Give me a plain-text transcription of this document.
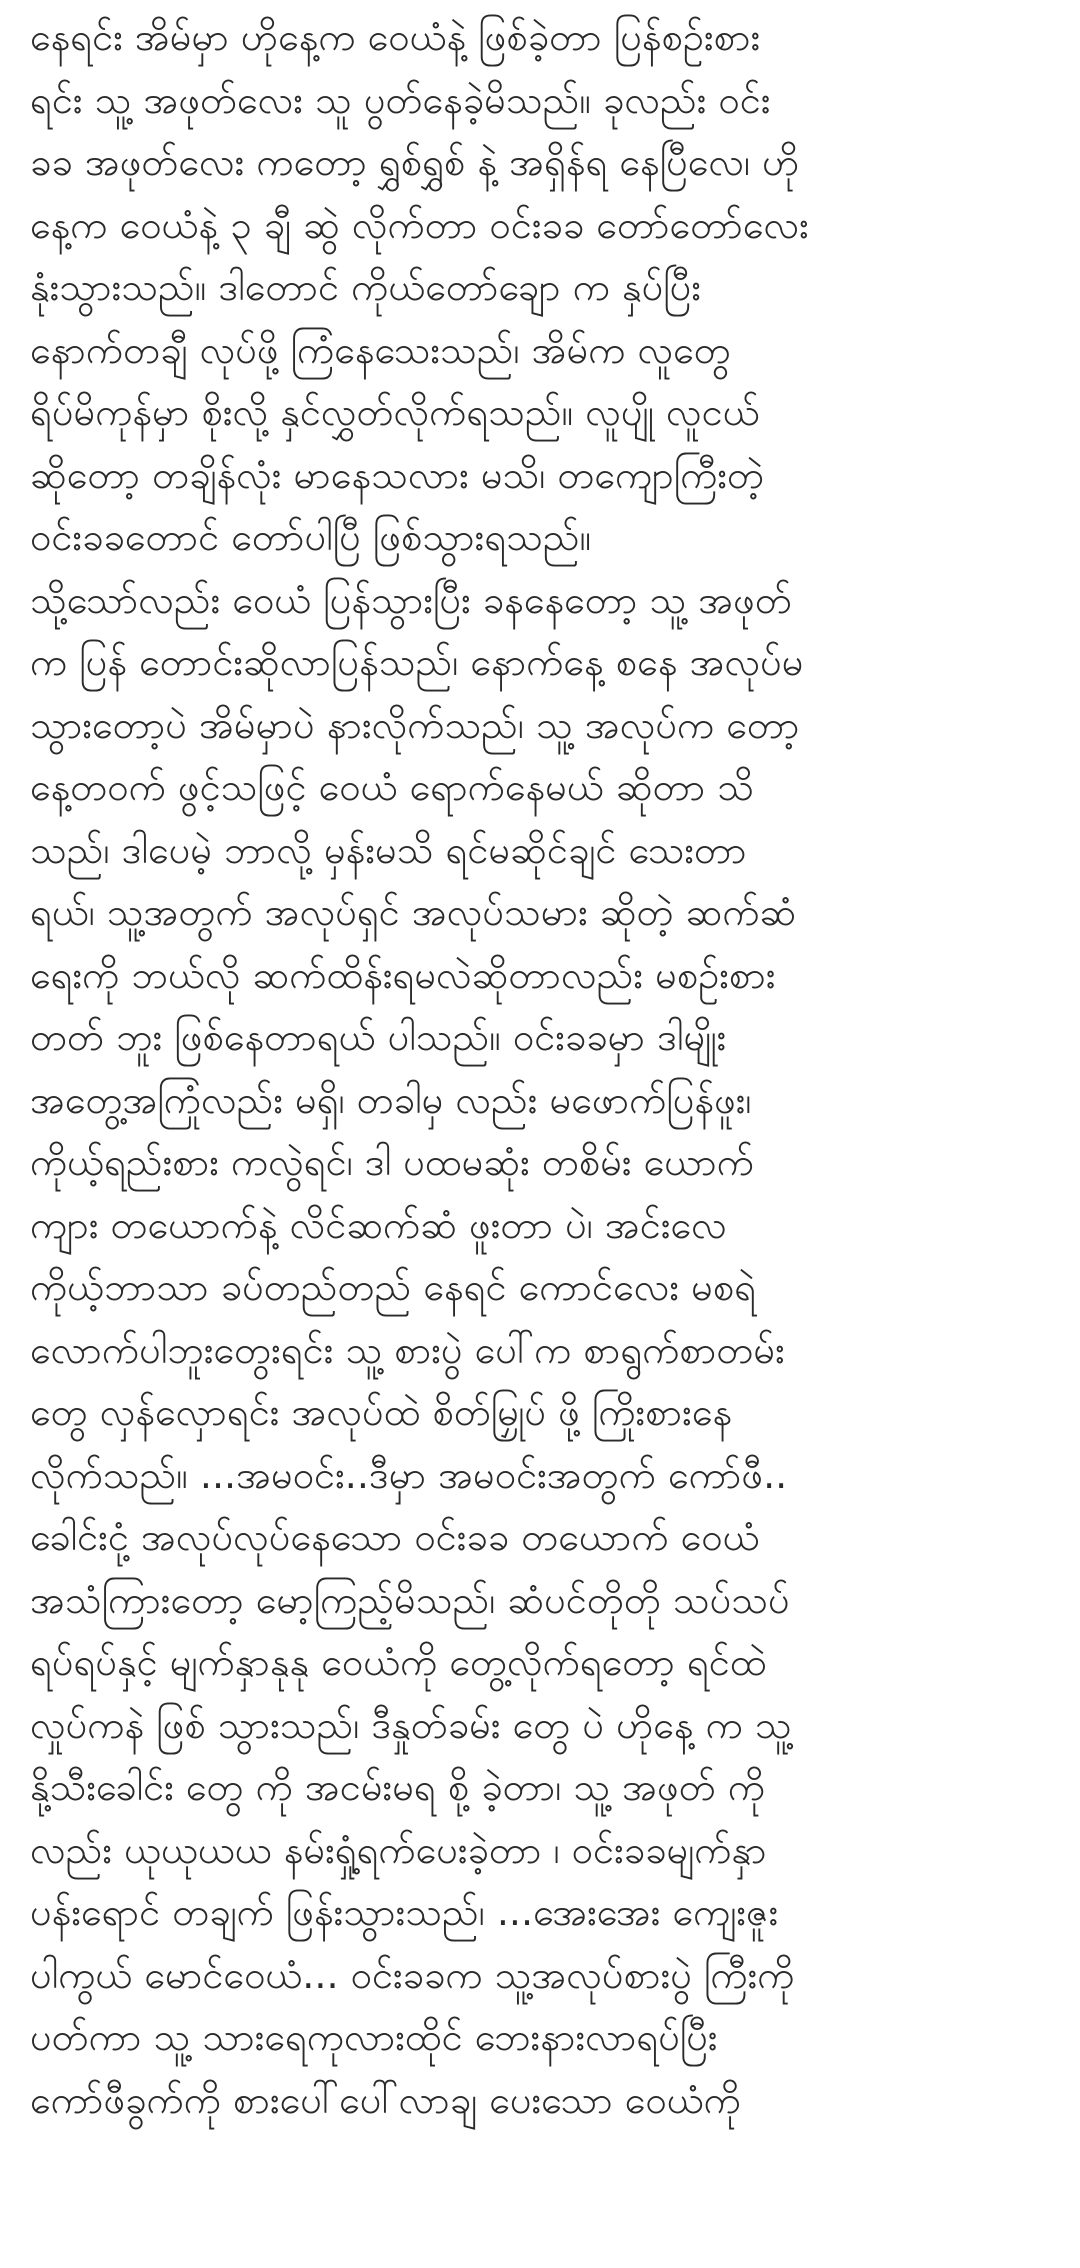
နေရင်း အိမ်မှာ ဟိုနေ့က ဝေယံနဲ့ ဖြစ်ခဲ့တာ ပြန်စဉ်းစား
ရင်း သူ့ အဖုတ်လေး သူ ပွတ်နေခဲ့မိသည်။ ခုလည်း ဝင်း
ခခ အဖုတ်လေး ကတော့ ရွှစ်ရွှစ် နဲ့ အရှိန်ရ နေပြီလေ၊ ဟို
နေ့က ဝေယံနဲ့ ၃ ချီ ဆွဲ လိုက်တာ ဝင်းခခ တော်တော်လေး
နုံးသွားသည်။ ဒါတောင် ကိုယ်တော်ချော က နှပ်ပြီး
နောက်တချီ လုပ်ဖို့ ကြံနေသေးသည်၊ အိမ်က လူတွေ
ရိပ်မိကုန်မှာ စိုးလို့ နှင်လွှတ်လိုက်ရသည်။ လူပျို လူငယ်
ဆိုတော့ တချိန်လုံး မာနေသလား မသိ၊ တကျောကြီးတဲ့
ဝင်းခခတောင် တော်ပါပြီ ဖြစ်သွားရသည်။
သို့သော်လည်း ဝေယံ ပြန်သွားပြီး ခနနေတော့ သူ့ အဖုတ်
က ပြန် တောင်းဆိုလာပြန်သည်၊ နောက်နေ့ စနေ အလုပ်မ
သွားတော့ပဲ အိမ်မှာပဲ နားလိုက်သည်၊ သူ့ အလုပ်က တော့
နေ့တဝက် ဖွင့်သဖြင့် ဝေယံ ရောက်နေမယ် ဆိုတာ သိ
သည်၊ ဒါပေမဲ့ ဘာလို့ မှန်းမသိ ရင်မဆိုင်ချင် သေးတာ
ရယ်၊ သူ့အတွက် အလုပ်ရှင် အလုပ်သမား ဆိုတဲ့ ဆက်ဆံ
ရေးကို ဘယ်လို ဆက်ထိန်းရမလဲဆိုတာလည်း မစဉ်းစား
တတ် ဘူး ဖြစ်နေတာရယ် ပါသည်။ ဝင်းခခမှာ ဒါမျိုး
အတွေ့အကြုံလည်း မရှိ၊ တခါမှ လည်း မဖောက်ပြန်ဖူး၊
ကိုယ့်ရည်းစား ကလွဲရင်၊ ဒါ ပထမဆုံး တစိမ်း ယောက်
ကျား တယောက်နဲ့ လိင်ဆက်ဆံ ဖူးတာ ပဲ၊ အင်းလေ
ကိုယ့်ဘာသာ ခပ်တည်တည် နေရင် ကောင်လေး မစရဲ
လောက်ပါဘူးတွေးရင်း သူ့ စားပွဲ ပေါ်က စာရွက်စာတမ်း
တွေ လှန်လှောရင်း အလုပ်ထဲ စိတ်မြှုပ် ဖို့ ကြိုးစားနေ
လိုက်သည်။ ...အမဝင်း..ဒီမှာ အမဝင်းအတွက် ကော်ဖီ..
ခေါင်းငုံ့ အလုပ်လုပ်နေသော ဝင်းခခ တယောက် ဝေယံ
အသံကြားတော့ မော့ကြည့်မိသည်၊ ဆံပင်တိုတို သပ်သပ်
ရပ်ရပ်နှင့် မျက်နှာနုနု ဝေယံကို တွေ့လိုက်ရတော့ ရင်ထဲ
လှုပ်ကနဲ ဖြစ် သွားသည်၊ ဒီနှုတ်ခမ်း တွေ ပဲ ဟိုနေ့ က သူ့
နို့သီးခေါင်း တွေ ကို အငမ်းမရ စို့ ခဲ့တာ၊ သူ့ အဖုတ် ကို
လည်း ယုယုယယ နမ်းရှုံ့ရက်ပေးခဲ့တာ ၊ ဝင်းခခမျက်နှာ
ပန်းရောင် တချက် ဖြန်းသွားသည်၊ ...အေးအေး ကျေးဇူး
ပါကွယ် မောင်ဝေယံ... ဝင်းခခက သူ့အလုပ်စားပွဲ ကြီးကို
ပတ်ကာ သူ့ သားရေကုလားထိုင် ဘေးနားလာရပ်ပြီး
ကော်ဖီခွက်ကို စားပေါ်ပေါ်လာချ ပေးသော ဝေယံကို
